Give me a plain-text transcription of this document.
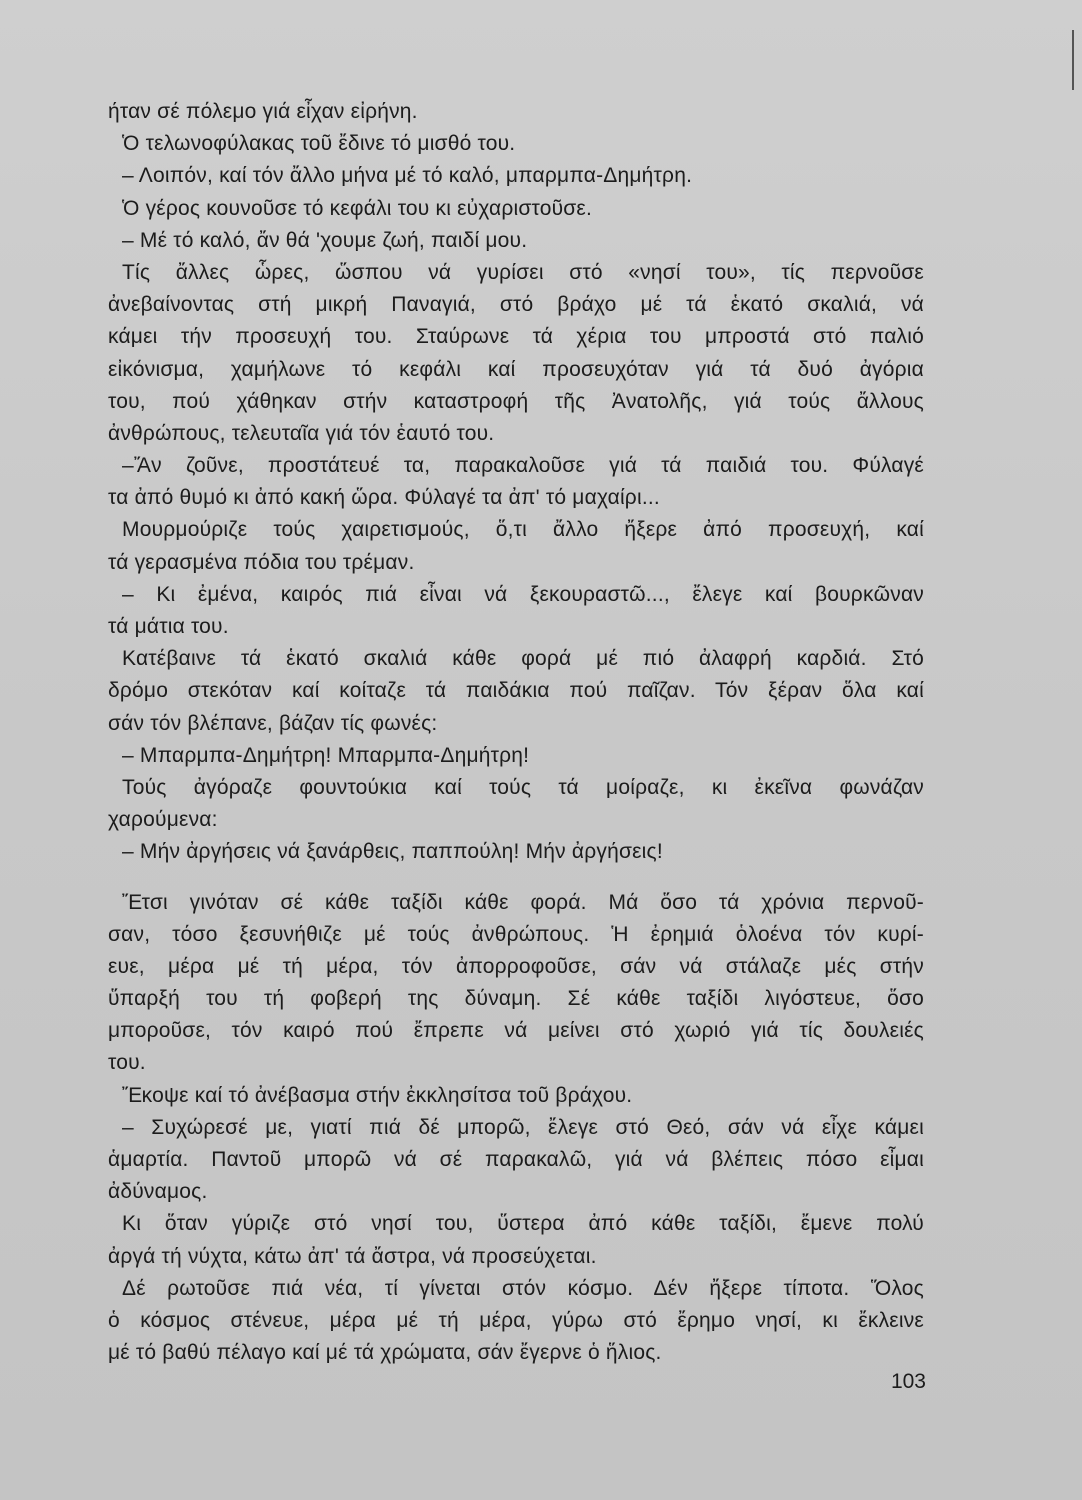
ήταν σέ πόλεμο γιά εἶχαν εἰρήνη.
Ὁ τελωνοφύλακας τοῦ ἔδινε τό μισθό του.
– Λοιπόν, καί τόν ἄλλο μήνα μέ τό καλό, μπαρμπα-Δημήτρη.
Ὁ γέρος κουνοῦσε τό κεφάλι του κι εὐχαριστοῦσε.
– Μέ τό καλό, ἄν θά 'χουμε ζωή, παιδί μου.
Τίς ἄλλες ὧρες, ὥσπου νά γυρίσει στό «νησί του», τίς περνοῦσε
ἀνεβαίνοντας στή μικρή Παναγιά, στό βράχο μέ τά ἑκατό σκαλιά, νά
κάμει τήν προσευχή του. Σταύρωνε τά χέρια του μπροστά στό παλιό
εἰκόνισμα, χαμήλωνε τό κεφάλι καί προσευχόταν γιά τά δυό ἀγόρια
του, πού χάθηκαν στήν καταστροφή τῆς Ἀνατολῆς, γιά τούς ἄλλους
ἀνθρώπους, τελευταῖα γιά τόν ἑαυτό του.
–Ἄν ζοῦνε, προστάτευέ τα, παρακαλοῦσε γιά τά παιδιά του. Φύλαγέ
τα ἀπό θυμό κι ἀπό κακή ὥρα. Φύλαγέ τα ἀπ' τό μαχαίρι...
Μουρμούριζε τούς χαιρετισμούς, ὅ,τι ἄλλο ἤξερε ἀπό προσευχή, καί
τά γερασμένα πόδια του τρέμαν.
– Κι ἐμένα, καιρός πιά εἶναι νά ξεκουραστῶ..., ἔλεγε καί βουρκῶναν
τά μάτια του.
Κατέβαινε τά ἑκατό σκαλιά κάθε φορά μέ πιό ἀλαφρή καρδιά. Στό
δρόμο στεκόταν καί κοίταζε τά παιδάκια πού παῖζαν. Τόν ξέραν ὅλα καί
σάν τόν βλέπανε, βάζαν τίς φωνές:
– Μπαρμπα-Δημήτρη! Μπαρμπα-Δημήτρη!
Τούς ἀγόραζε φουντούκια καί τούς τά μοίραζε, κι ἐκεῖνα φωνάζαν
χαρούμενα:
– Μήν ἀργήσεις νά ξανάρθεις, παππούλη! Μήν ἀργήσεις!
Ἔτσι γινόταν σέ κάθε ταξίδι κάθε φορά. Μά ὅσο τά χρόνια περνοῦ-
σαν, τόσο ξεσυνήθιζε μέ τούς ἀνθρώπους. Ἡ ἐρημιά ὁλοένα τόν κυρί-
ευε, μέρα μέ τή μέρα, τόν ἀπορροφοῦσε, σάν νά στάλαζε μές στήν
ὕπαρξή του τή φοβερή της δύναμη. Σέ κάθε ταξίδι λιγόστευε, ὅσο
μποροῦσε, τόν καιρό πού ἔπρεπε νά μείνει στό χωριό γιά τίς δουλειές
του.
Ἔκοψε καί τό ἀνέβασμα στήν ἐκκλησίτσα τοῦ βράχου.
– Συχώρεσέ με, γιατί πιά δέ μπορῶ, ἔλεγε στό Θεό, σάν νά εἶχε κάμει
ἁμαρτία. Παντοῦ μπορῶ νά σέ παρακαλῶ, γιά νά βλέπεις πόσο εἶμαι
ἀδύναμος.
Κι ὅταν γύριζε στό νησί του, ὕστερα ἀπό κάθε ταξίδι, ἔμενε πολύ
ἀργά τή νύχτα, κάτω ἀπ' τά ἄστρα, νά προσεύχεται.
Δέ ρωτοῦσε πιά νέα, τί γίνεται στόν κόσμο. Δέν ἤξερε τίποτα. Ὅλος
ὁ κόσμος στένευε, μέρα μέ τή μέρα, γύρω στό ἔρημο νησί, κι ἔκλεινε
μέ τό βαθύ πέλαγο καί μέ τά χρώματα, σάν ἔγερνε ὁ ἥλιος.
103
